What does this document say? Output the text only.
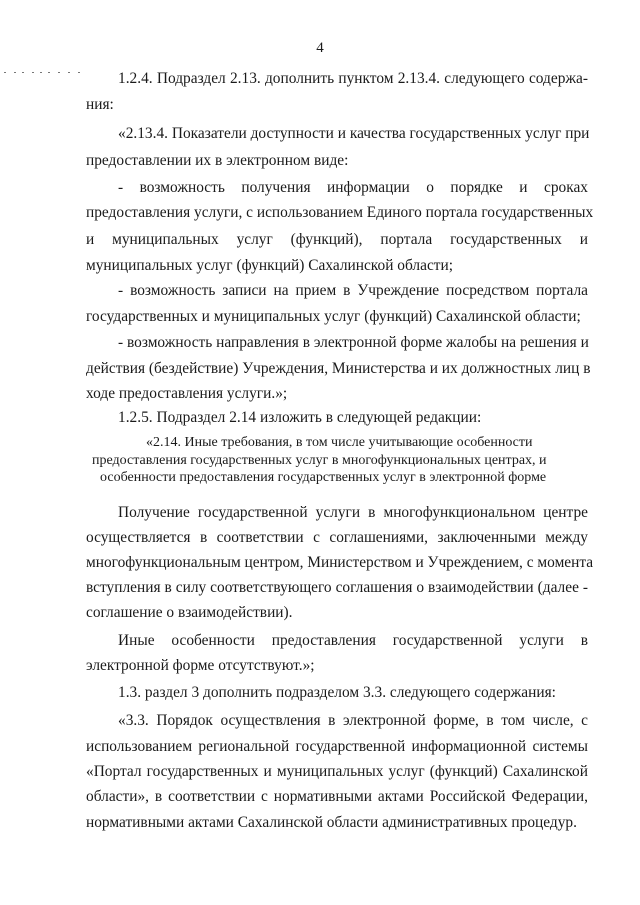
4
1.2.4. Подраздел 2.13. дополнить пунктом 2.13.4. следующего содержа-
ния:
«2.13.4. Показатели доступности и качества государственных услуг при
предоставлении их в электронном виде:
- возможность получения информации о порядке и сроках
предоставления услуги, с использованием Единого портала государственных
и муниципальных услуг (функций), портала государственных и
муниципальных услуг (функций) Сахалинской области;
- возможность записи на прием в Учреждение посредством портала
государственных и муниципальных услуг (функций) Сахалинской области;
- возможность направления в электронной форме жалобы на решения и
действия (бездействие) Учреждения, Министерства и их должностных лиц в
ходе предоставления услуги.»;
1.2.5. Подраздел 2.14 изложить в следующей редакции:
«2.14. Иные требования, в том числе учитывающие особенности
предоставления государственных услуг в многофункциональных центрах, и
особенности предоставления государственных услуг в электронной форме
Получение государственной услуги в многофункциональном центре
осуществляется в соответствии с соглашениями, заключенными между
многофункциональным центром, Министерством и Учреждением, с момента
вступления в силу соответствующего соглашения о взаимодействии (далее -
соглашение о взаимодействии).
Иные особенности предоставления государственной услуги в
электронной форме отсутствуют.»;
1.3. раздел 3 дополнить подразделом 3.3. следующего содержания:
«3.3. Порядок осуществления в электронной форме, в том числе, с
использованием региональной государственной информационной системы
«Портал государственных и муниципальных услуг (функций) Сахалинской
области», в соответствии с нормативными актами Российской Федерации,
нормативными актами Сахалинской области административных процедур.
